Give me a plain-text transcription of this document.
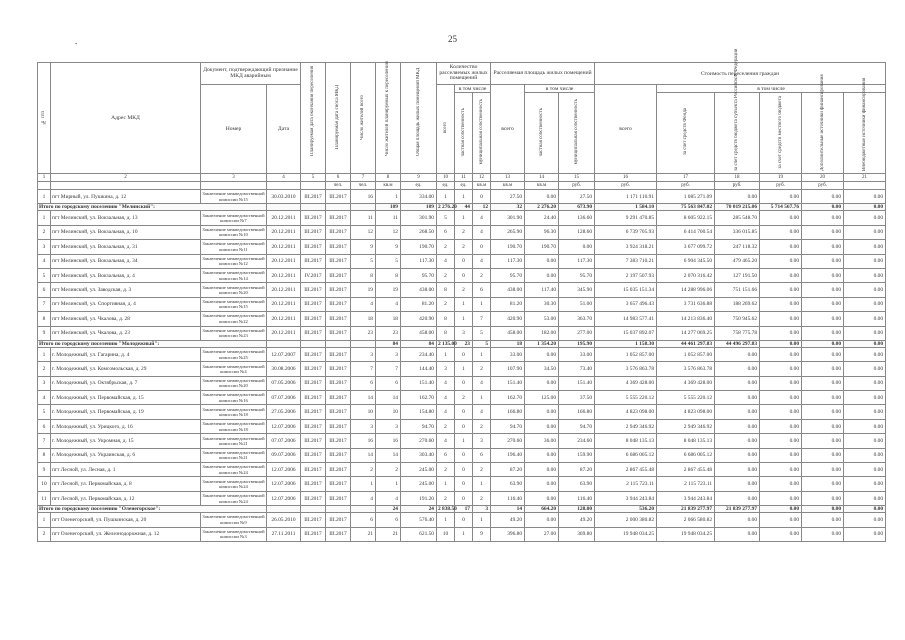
.	25
№ п/п	Адрес МКД	Документ, подтверждающий признание МКД аварийным		Планируемая дата окончания переселения	Планируемая дата сноса МКД	Число жителей всего	Число жителей планируемых к переселению	Общая площадь жилых помещений МКД	Количество расселяемых жилых помещений			Расселяемая площадь жилых помещений			Стоимость переселения граждан					
		Номер	Дата						всего	в том числе		всего	в том числе		всего	в том числе				
										частная собственность	муниципальная собственность		частная собственность	муниципальная собственность		за счет средств Фонда	за счет средств бюджета субъекта Российской Федерации	за счет средств местного бюджета	Дополнительные источники финансирования	Внебюджетные источники финансирования
1	2	3	4	5	6	7	8	9	10	11	12	13	14	15	16	17	18	19	20	21
					чел.	чел.	кв.м	ед.	ед.	ед.	кв.м	кв.м	кв.м	руб.	руб.	руб.	руб.	руб.	руб.	
1	пгт Мирный, ул. Пушкина, д. 12	Заключение межведомственной комиссии №15	30.03.2010	III.2017	III.2017	16	1	334.00	1	1	0	27.50	0.00	27.50	1 171 110.91	1 085 271.09	0.00	0.00	0.00	0.00
Итого по городскому поселению "Мелинский":							109	109	2 276.20	44	12	32	2 276.20	673.90	1 584.10	75 563 847.02	70 019 215.06	5 714 567.76	0.00	0.00
1	пгт Мелинский, ул. Вокзальная, д. 13	Заключение межведомственной комиссии №7	20.12.2011	III.2017	III.2017	11	11	301.90	5	1	4	301.90	24.40	136.60	9 291 470.85	8 605 922.15	285 548.70	0.00	0.00	0.00
2	пгт Мелинский, ул. Вокзальная, д. 10	Заключение межведомственной комиссии №10	20.12.2011	III.2017	III.2017	12	12	268.50	6	2	4	265.90	96.30	128.60	6 739 705.93	6 414 700.54	336 015.85	0.00	0.00	0.00
3	пгт Мелинский, ул. Вокзальная, д. 31	Заключение межведомственной комиссии №11	20.12.2011	III.2017	III.2017	9	9	190.70	2	2	0	190.70	190.70	0.00	3 924 318.21	3 677 099.72	247 118.32	0.00	0.00	0.00
4	пгт Мелинский, ул. Вокзальная, д. 34	Заключение межведомственной комиссии №12	20.12.2011	III.2017	III.2017	5	5	117.30	4	0	4	117.30	0.00	117.30	7 383 710.21	6 904 345.50	479 465.20	0.00	0.00	0.00
5	пгт Мелинский, ул. Вокзальная, д. 4	Заключение межведомственной комиссии №14	20.12.2011	IV.2017	III.2017	8	8	95.70	2	0	2	95.70	0.00	95.70	2 197 507.93	2 070 316.42	127 191.50	0.00	0.00	0.00
6	пгт Мелинский, ул. Заводская, д. 3	Заключение межведомственной комиссии №20	20.12.2011	III.2017	III.2017	19	19	438.00	8	2	6	438.00	117.40	345.90	15 035 151.34	14 288 996.06	751 151.66	0.00	0.00	0.00
7	пгт Мелинский, ул. Спортивная, д. 4	Заключение межведомственной комиссии №15	20.12.2011	III.2017	III.2017	4	4	81.20	2	1	1	81.20	30.30	51.00	3 657 496.43	3 731 636.88	188 269.62	0.00	0.00	0.00
8	пгт Мелинский, ул. Чкалова, д. 28	Заключение межведомственной комиссии №22	20.12.2011	III.2017	III.2017	18	18	420.90	8	1	7	420.90	53.00	363.70	14 983 577.41	14 213 836.40	750 945.62	0.00	0.00	0.00
9	пгт Мелинский, ул. Чкалова, д. 23	Заключение межведомственной комиссии №23	20.12.2011	III.2017	III.2017	23	23	458.00	8	3	5	458.00	182.00	277.00	15 037 892.07	14 277 069.25	758 775.78	0.00	0.00	0.00
Итого по городскому поселению "Молодежный":							84	84	2 135.00	23	5	18	1 354.20	195.90	1 158.30	44 461 297.83	44 496 297.83	0.00	0.00	0.00
1	г. Молодежный, ул. Гагарина, д. 4	Заключение межведомственной комиссии №25	12.07.2007	III.2017	III.2017	3	3	234.40	1	0	1	33.00	0.00	33.00	1 052 857.00	1 052 857.00	0.00	0.00	0.00	0.00
2	г. Молодежный, ул. Комсомольская, д. 29	Заключение межведомственной комиссии №4	30.08.2006	III.2017	III.2017	7	7	144.40	3	1	2	107.90	34.50	73.40	3 576 863.78	3 576 863.78	0.00	0.00	0.00	0.00
3	г. Молодежный, ул. Октябрьская, д. 7	Заключение межведомственной комиссии №20	07.05.2006	III.2017	III.2017	6	6	151.40	4	0	4	151.40	0.00	151.40	4 369 428.00	4 369 428.00	0.00	0.00	0.00	0.00
4	г. Молодежный, ул. Первомайская, д. 15	Заключение межведомственной комиссии №16	07.07.2006	III.2017	III.2017	14	14	162.70	4	2	1	162.70	125.00	37.50	5 555 220.12	5 555 220.12	0.00	0.00	0.00	0.00
5	г. Молодежный, ул. Первомайская, д. 19	Заключение межведомственной комиссии №18	27.05.2006	III.2017	III.2017	10	10	154.80	4	0	4	166.80	0.00	166.80	4 823 098.00	4 823 098.00	0.00	0.00	0.00	0.00
6	г. Молодежный, ул. Урицкого, д. 16	Заключение межведомственной комиссии №18	12.07.2006	III.2017	III.2017	3	3	94.70	2	0	2	94.70	0.00	94.70	2 949 346.92	2 949 346.92	0.00	0.00	0.00	0.00
7	г. Молодежный, ул. Укромная, д. 15	Заключение межведомственной комиссии №21	07.07.2006	III.2017	III.2017	16	16	270.60	4	1	3	270.60	36.00	234.60	8 048 135.13	8 048 135.13	0.00	0.00	0.00	0.00
8	г. Молодежный, ул. Украинская, д. 6	Заключение межведомственной комиссии №21	09.07.2006	III.2017	III.2017	14	14	303.40	6	0	6	196.40	0.00	159.90	6 686 005.12	6 686 005.12	0.00	0.00	0.00	0.00
9	пгт Лесной, ул. Лесная, д. 1	Заключение межведомственной комиссии №24	12.07.2006	III.2017	III.2017	2	2	245.00	2	0	2	87.20	0.00	87.20	2 867 455.48	2 867 455.48	0.00	0.00	0.00	0.00
10	пгт Лесной, ул. Первомайская, д. 8	Заключение межведомственной комиссии №24	12.07.2006	III.2017	III.2017	1	1	245.00	1	0	1	63.90	0.00	63.90	2 115 723.11	2 115 723.11	0.00	0.00	0.00	0.00
11	пгт Лесной, ул. Первомайская, д. 12	Заключение межведомственной комиссии №24	12.07.2006	III.2017	III.2017	4	4	191.20	2	0	2	116.40	0.00	116.40	3 944 243.84	3 944 243.84	0.00	0.00	0.00	0.00
Итого по городскому поселению "Оленегорское":							24	24	2 838.50	17	3	14	664.20	128.00	536.20	21 839 277.97	21 839 277.97	0.00	0.00	0.00
1	пгт Оленегорский, ул. Пушкинская, д. 20	Заключение межведомственной комиссии №9	26.05.2010	III.2017	III.2017	6	6	576.40	1	0	1	49.20	0.00	49.20	2 000 380.82	2 066 580.82	0.00	0.00	0.00	0.00
2	пгт Оленегорский, ул. Железнодорожная, д. 12	Заключение межведомственной комиссии №3	27.11.2011	III.2017	III.2017	21	21	621.50	10	1	9	396.80	27.00	369.80	19 948 034.25	19 948 034.25	0.00	0.00	0.00	0.00
